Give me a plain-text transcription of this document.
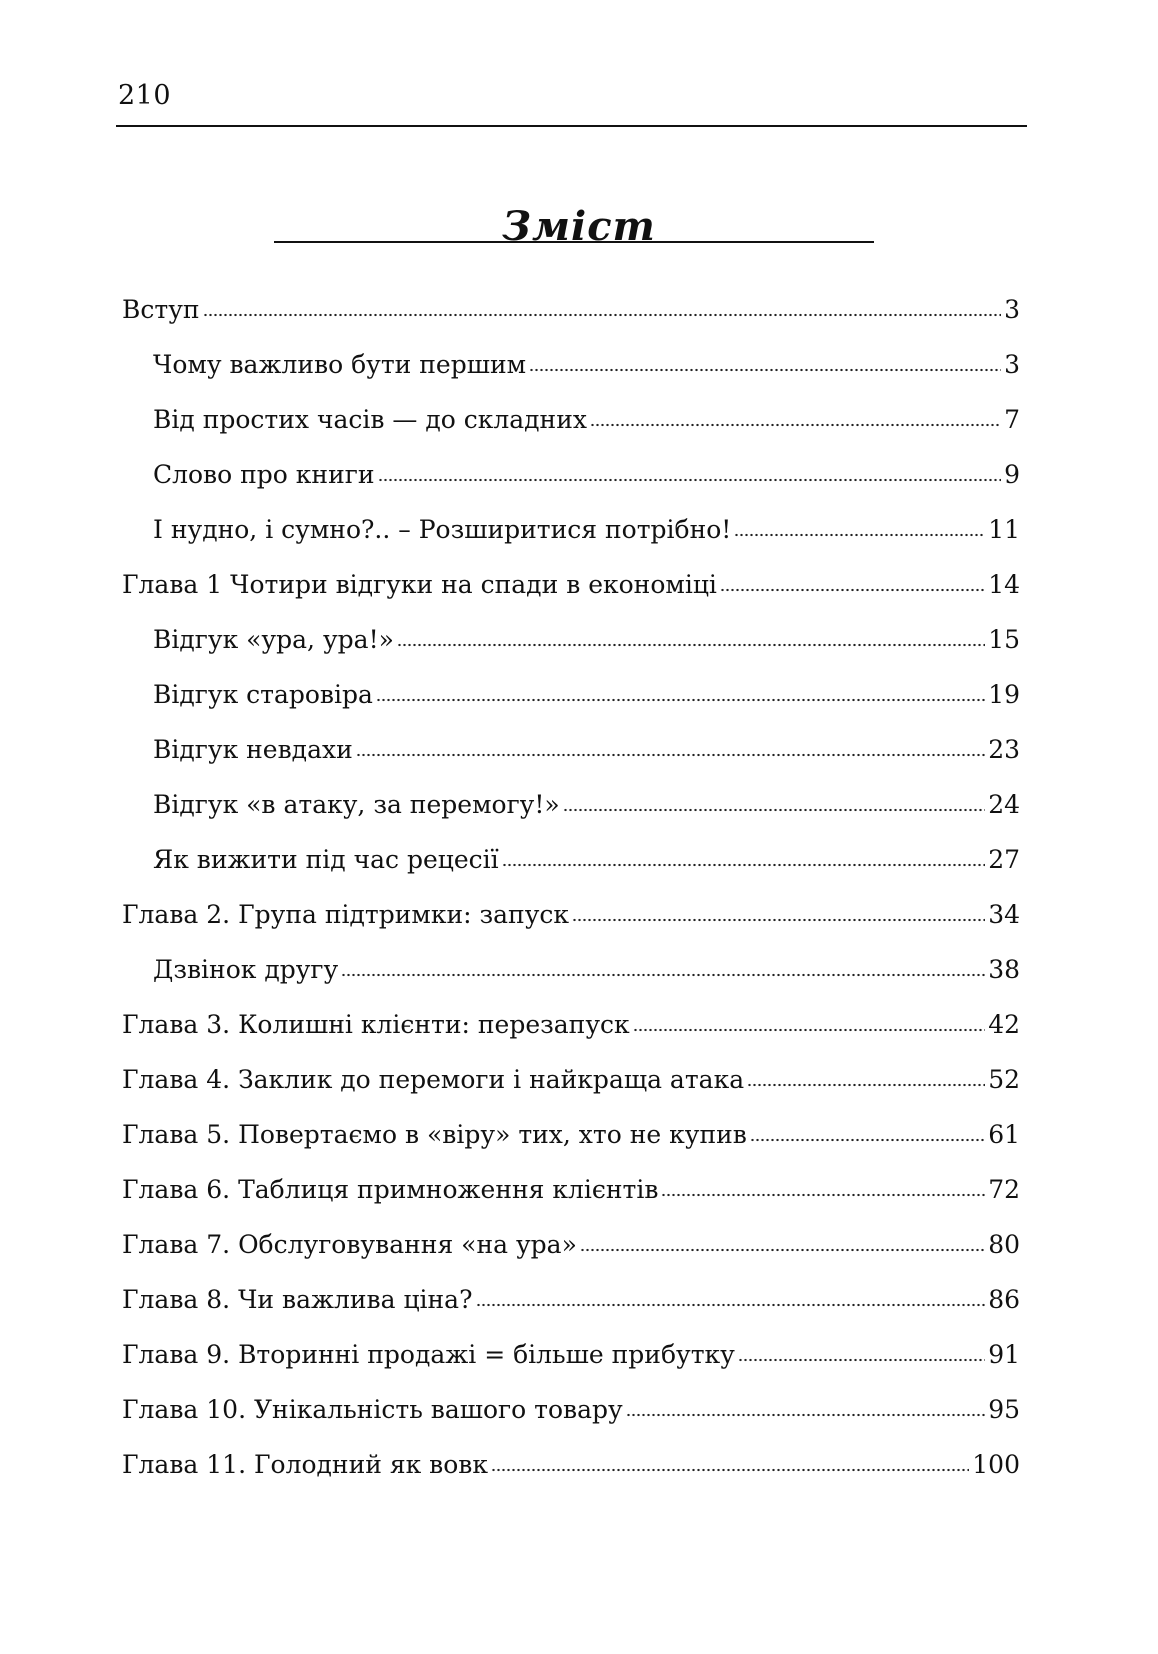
210
Зміст
Вступ	3
Чому важливо бути першим	3
Від простих часів — до складних	7
Слово про книги	9
І нудно, і сумно?.. – Розширитися потрібно!	11
Глава 1 Чотири відгуки на спади в економіці	14
Відгук «ура, ура!»	15
Відгук старовіра	19
Відгук невдахи	23
Відгук «в атаку, за перемогу!»	24
Як вижити під час рецесії	27
Глава 2. Група підтримки: запуск	34
Дзвінок другу	38
Глава 3. Колишні клієнти: перезапуск	42
Глава 4. Заклик до перемоги і найкраща атака	52
Глава 5. Повертаємо в «віру» тих, хто не купив	61
Глава 6. Таблиця примноження клієнтів	72
Глава 7. Обслуговування «на ура»	80
Глава 8. Чи важлива ціна?	86
Глава 9. Вторинні продажі = більше прибутку	91
Глава 10. Унікальність вашого товару	95
Глава 11. Голодний як вовк	100
